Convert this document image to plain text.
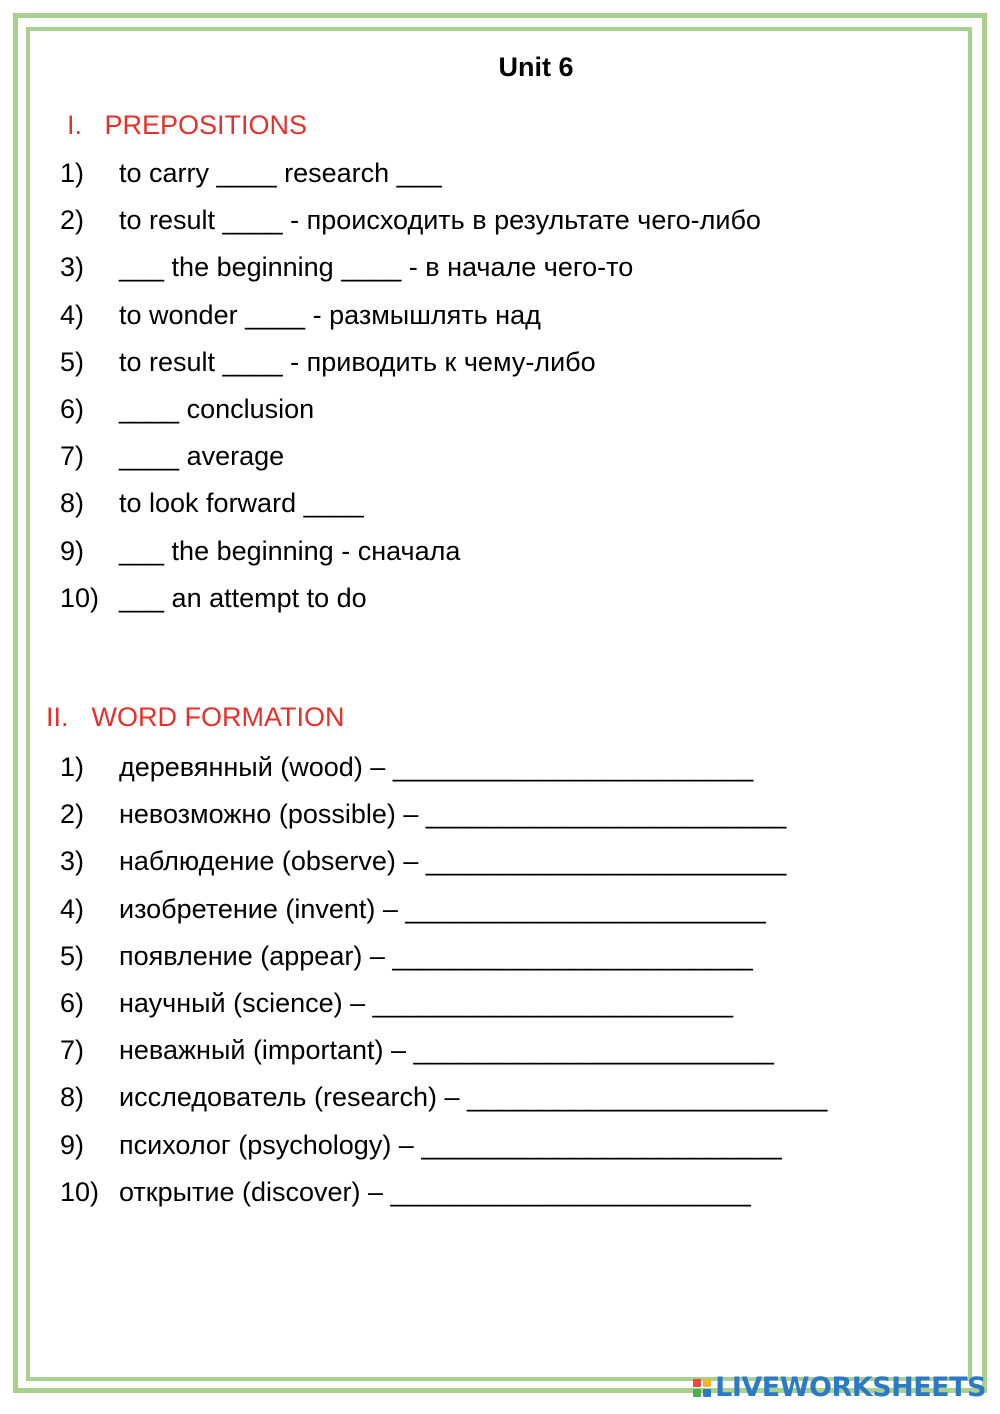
Unit 6
I. PREPOSITIONS
1)	to carry ____ research ___
2)	to result ____ - происходить в результате чего-либо
3)	___ the beginning ____ - в начале чего-то
4)	to wonder ____ - размышлять над
5)	to result ____ - приводить к чему-либо
6)	____ conclusion
7)	____ average
8)	to look forward ____
9)	___ the beginning - сначала
10) ___ an attempt to do
II. WORD FORMATION
1)	деревянный (wood) – ________________________
2)	невозможно (possible) – ________________________
3)	наблюдение (observe) – ________________________
4)	изобретение (invent) – ________________________
5)	появление (appear) – ________________________
6)	научный (science) – ________________________
7)	неважный (important) – ________________________
8)	исследователь (research) – ________________________
9)	психолог (psychology) – ________________________
10) открытие (discover) – ________________________
LIVEWORKSHEETS
